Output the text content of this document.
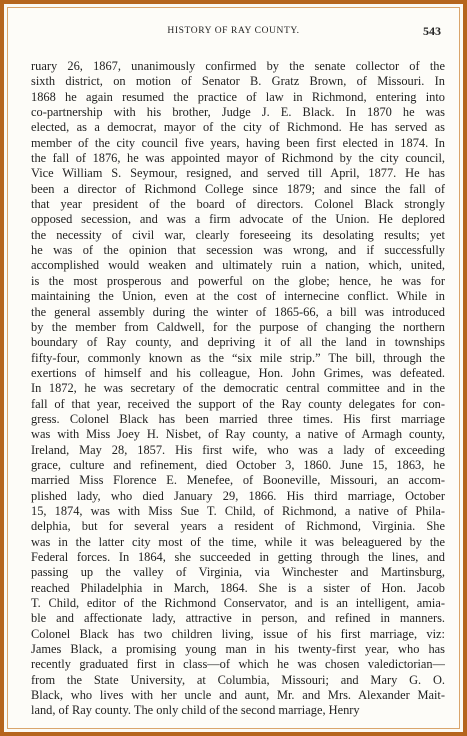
HISTORY OF RAY COUNTY.	543
ruary 26, 1867, unanimously confirmed by the senate collector of the
sixth district, on motion of Senator B. Gratz Brown, of Missouri. In
1868 he again resumed the practice of law in Richmond, entering into
co-partnership with his brother, Judge J. E. Black. In 1870 he was
elected, as a democrat, mayor of the city of Richmond. He has served as
member of the city council five years, having been first elected in 1874. In
the fall of 1876, he was appointed mayor of Richmond by the city council,
Vice William S. Seymour, resigned, and served till April, 1877. He has
been a director of Richmond College since 1879; and since the fall of
that year president of the board of directors. Colonel Black strongly
opposed secession, and was a firm advocate of the Union. He deplored
the necessity of civil war, clearly foreseeing its desolating results; yet
he was of the opinion that secession was wrong, and if successfully
accomplished would weaken and ultimately ruin a nation, which, united,
is the most prosperous and powerful on the globe; hence, he was for
maintaining the Union, even at the cost of internecine conflict. While in
the general assembly during the winter of 1865-66, a bill was introduced
by the member from Caldwell, for the purpose of changing the northern
boundary of Ray county, and depriving it of all the land in townships
fifty-four, commonly known as the “six mile strip.” The bill, through the
exertions of himself and his colleague, Hon. John Grimes, was defeated.
In 1872, he was secretary of the democratic central committee and in the
fall of that year, received the support of the Ray county delegates for con-
gress. Colonel Black has been married three times. His first marriage
was with Miss Joey H. Nisbet, of Ray county, a native of Armagh county,
Ireland, May 28, 1857. His first wife, who was a lady of exceeding
grace, culture and refinement, died October 3, 1860. June 15, 1863, he
married Miss Florence E. Menefee, of Booneville, Missouri, an accom-
plished lady, who died January 29, 1866. His third marriage, October
15, 1874, was with Miss Sue T. Child, of Richmond, a native of Phila-
delphia, but for several years a resident of Richmond, Virginia. She
was in the latter city most of the time, while it was beleaguered by the
Federal forces. In 1864, she succeeded in getting through the lines, and
passing up the valley of Virginia, via Winchester and Martinsburg,
reached Philadelphia in March, 1864. She is a sister of Hon. Jacob
T. Child, editor of the Richmond Conservator, and is an intelligent, amia-
ble and affectionate lady, attractive in person, and refined in manners.
Colonel Black has two children living, issue of his first marriage, viz:
James Black, a promising young man in his twenty-first year, who has
recently graduated first in class—of which he was chosen valedictorian—
from the State University, at Columbia, Missouri; and Mary G. O.
Black, who lives with her uncle and aunt, Mr. and Mrs. Alexander Mait-
land, of Ray county. The only child of the second marriage, Henry
